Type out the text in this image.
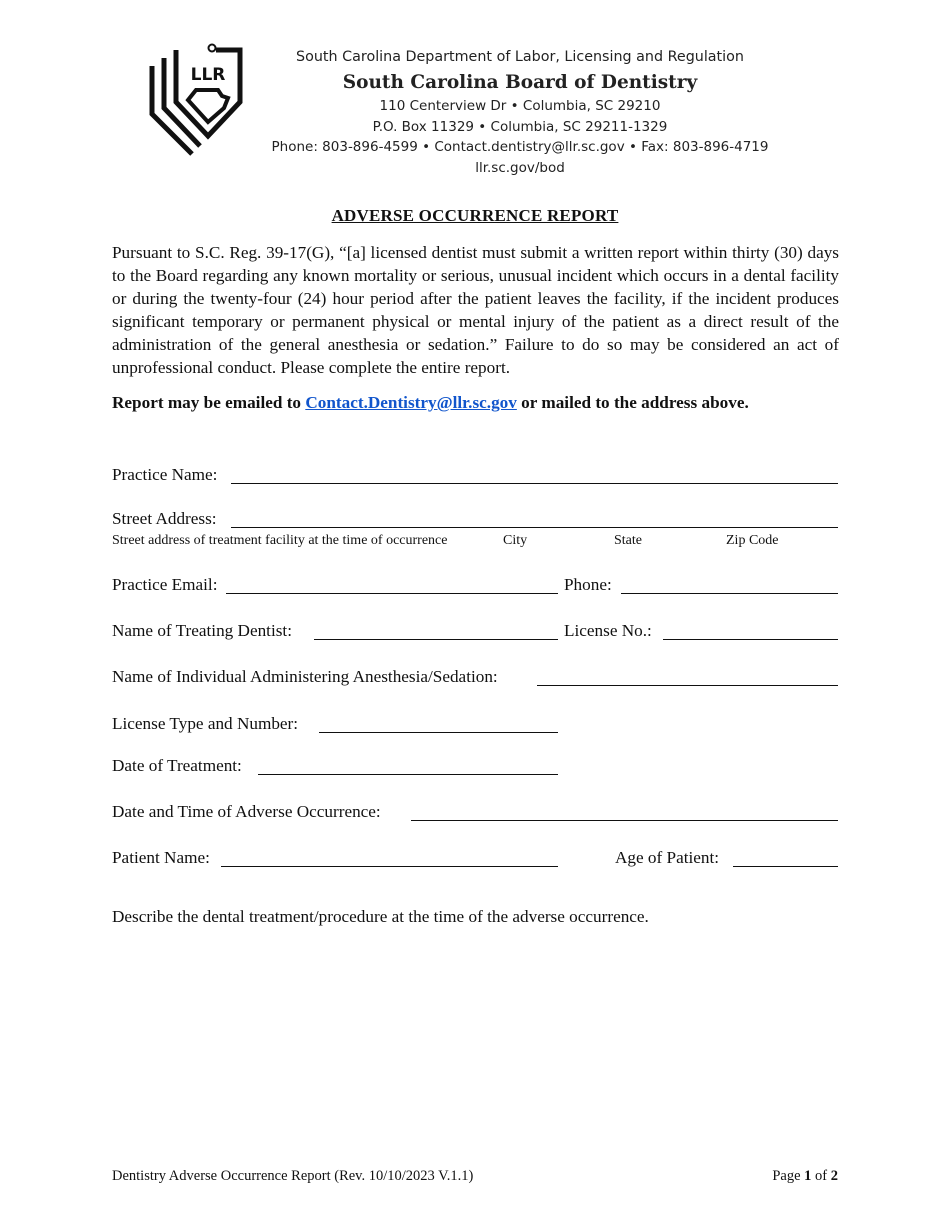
LLR
South Carolina Department of Labor, Licensing and Regulation
South Carolina Board of Dentistry
110 Centerview Dr • Columbia, SC 29210
P.O. Box 11329 • Columbia, SC 29211-1329
Phone: 803-896-4599 • Contact.dentistry@llr.sc.gov • Fax: 803-896-4719
llr.sc.gov/bod
ADVERSE OCCURRENCE REPORT
Pursuant to S.C. Reg. 39-17(G), “[a] licensed dentist must submit a written report within thirty (30) days to the Board regarding any known mortality or serious, unusual incident which occurs in a dental facility or during the twenty-four (24) hour period after the patient leaves the facility, if the incident produces significant temporary or permanent physical or mental injury of the patient as a direct result of the administration of the general anesthesia or sedation.” Failure to do so may be considered an act of unprofessional conduct. Please complete the entire report.
Report may be emailed to Contact.Dentistry@llr.sc.gov or mailed to the address above.
Practice Name:
Street Address:
Street address of treatment facility at the time of occurrence	City	State	Zip Code
Practice Email:	Phone:
Name of Treating Dentist:	License No.:
Name of Individual Administering Anesthesia/Sedation:
License Type and Number:
Date of Treatment:
Date and Time of Adverse Occurrence:
Patient Name:	Age of Patient:
Describe the dental treatment/procedure at the time of the adverse occurrence.
Dentistry Adverse Occurrence Report (Rev. 10/10/2023 V.1.1)	Page 1 of 2
